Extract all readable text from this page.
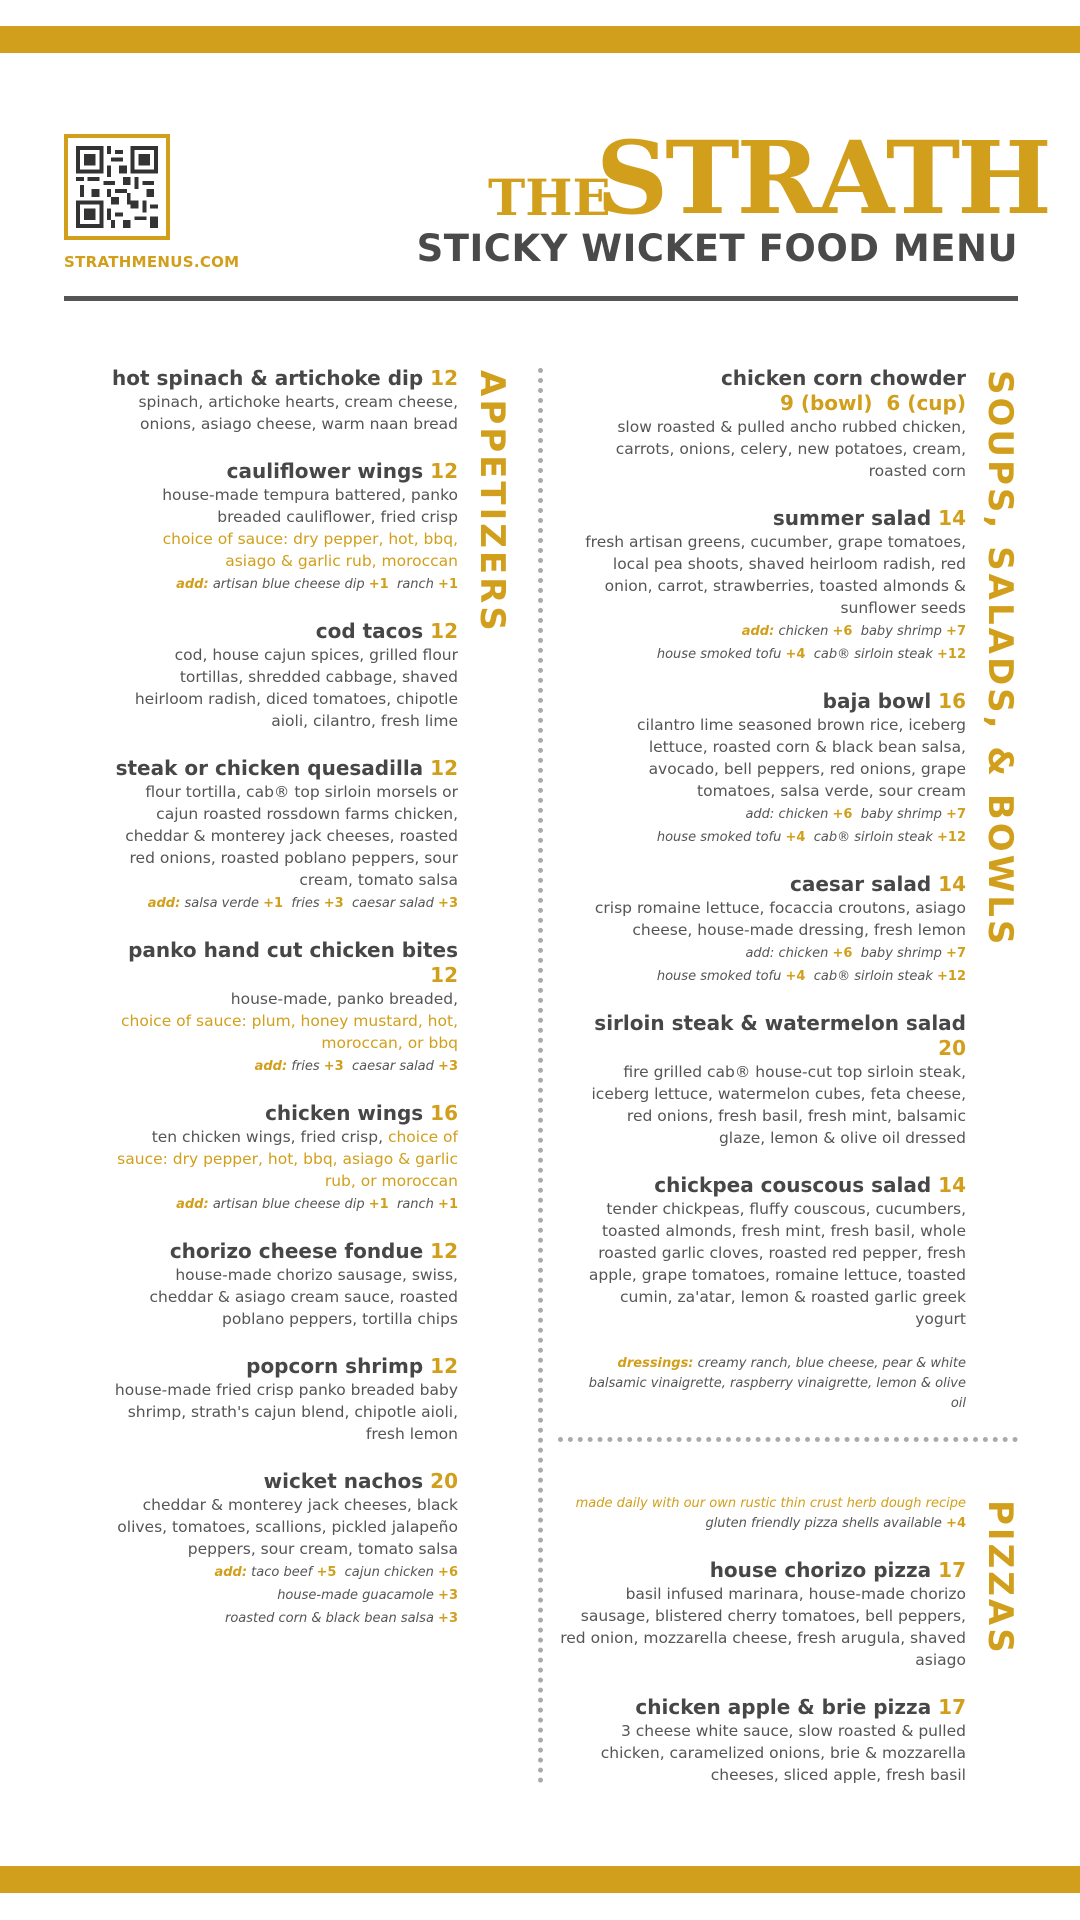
STRATHMENUS.COM
THE
STRATH
STICKY WICKET FOOD MENU
APPETIZERS	SOUPS, SALADS, & BOWLS
PIZZAS
hot spinach & artichoke dip 12
spinach, artichoke hearts, cream cheese, onions, asiago cheese, warm naan bread
cauliflower wings 12
house-made tempura battered, panko breaded cauliflower, fried crisp
choice of sauce: dry pepper, hot, bbq, asiago & garlic rub, moroccan
add: artisan blue cheese dip +1 ranch +1
cod tacos 12
cod, house cajun spices, grilled flour tortillas, shredded cabbage, shaved heirloom radish, diced tomatoes, chipotle aioli, cilantro, fresh lime
steak or chicken quesadilla 12
flour tortilla, cab® top sirloin morsels or cajun roasted rossdown farms chicken, cheddar & monterey jack cheeses, roasted red onions, roasted poblano peppers, sour cream, tomato salsa
add: salsa verde +1 fries +3 caesar salad +3
panko hand cut chicken bites 12
house-made, panko breaded,
choice of sauce: plum, honey mustard, hot, moroccan, or bbq
add: fries +3 caesar salad +3
chicken wings 16
ten chicken wings, fried crisp, choice of sauce: dry pepper, hot, bbq, asiago & garlic rub, or moroccan
add: artisan blue cheese dip +1 ranch +1
chorizo cheese fondue 12
house-made chorizo sausage, swiss, cheddar & asiago cream sauce, roasted poblano peppers, tortilla chips
popcorn shrimp 12
house-made fried crisp panko breaded baby shrimp, strath's cajun blend, chipotle aioli, fresh lemon
wicket nachos 20
cheddar & monterey jack cheeses, black olives, tomatoes, scallions, pickled jalapeño peppers, sour cream, tomato salsa
add: taco beef +5 cajun chicken +6
house-made guacamole +3
roasted corn & black bean salsa +3
chicken corn chowder
9 (bowl)  6 (cup)
slow roasted & pulled ancho rubbed chicken, carrots, onions, celery, new potatoes, cream, roasted corn
summer salad 14
fresh artisan greens, cucumber, grape tomatoes, local pea shoots, shaved heirloom radish, red onion, carrot, strawberries, toasted almonds & sunflower seeds
add: chicken +6 baby shrimp +7
house smoked tofu +4 cab® sirloin steak +12
baja bowl 16
cilantro lime seasoned brown rice, iceberg lettuce, roasted corn & black bean salsa, avocado, bell peppers, red onions, grape tomatoes, salsa verde, sour cream
add: chicken +6 baby shrimp +7
house smoked tofu +4 cab® sirloin steak +12
caesar salad 14
crisp romaine lettuce, focaccia croutons, asiago cheese, house-made dressing, fresh lemon
add: chicken +6 baby shrimp +7
house smoked tofu +4 cab® sirloin steak +12
sirloin steak & watermelon salad 20
fire grilled cab® house-cut top sirloin steak, iceberg lettuce, watermelon cubes, feta cheese, red onions, fresh basil, fresh mint, balsamic glaze, lemon & olive oil dressed
chickpea couscous salad 14
tender chickpeas, fluffy couscous, cucumbers, toasted almonds, fresh mint, fresh basil, whole roasted garlic cloves, roasted red pepper, fresh apple, grape tomatoes, romaine lettuce, toasted cumin, za'atar, lemon & roasted garlic greek yogurt
dressings: creamy ranch, blue cheese, pear & white balsamic vinaigrette, raspberry vinaigrette, lemon & olive oil
made daily with our own rustic thin crust herb dough recipe
gluten friendly pizza shells available +4
house chorizo pizza 17
basil infused marinara, house-made chorizo sausage, blistered cherry tomatoes, bell peppers, red onion, mozzarella cheese, fresh arugula, shaved asiago
chicken apple & brie pizza 17
3 cheese white sauce, slow roasted & pulled chicken, caramelized onions, brie & mozzarella cheeses, sliced apple, fresh basil
